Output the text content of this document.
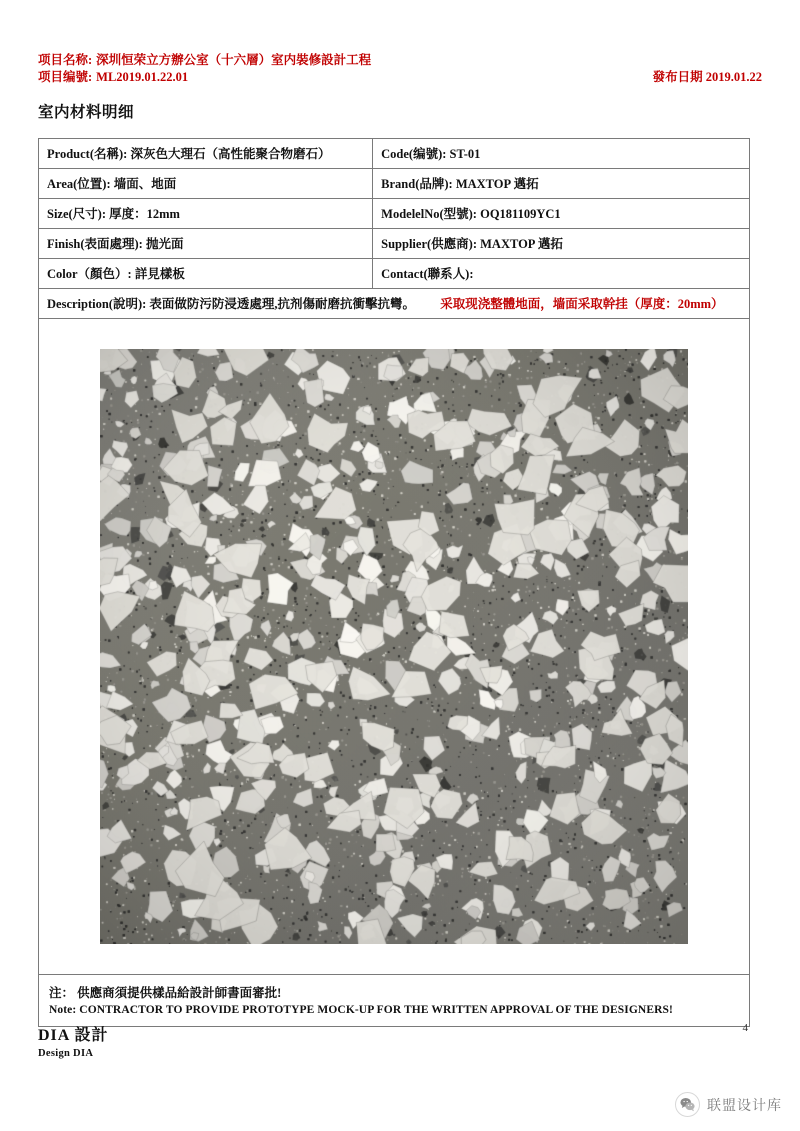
项目名称: 深圳恒荣立方辦公室（十六層）室内裝修設計工程
项目编號: ML2019.01.22.01	發布日期 2019.01.22
室内材料明细
Product(名稱): 深灰色大理石（高性能聚合物磨石）	Code(编號): ST-01
Area(位置): 墙面、地面	Brand(品牌): MAXTOP 邁拓
Size(尺寸): 厚度：12mm	ModelelNo(型號): OQ181109YC1
Finish(表面處理): 抛光面	Supplier(供應商): MAXTOP 邁拓
Color（顏色）: 詳見樣板	Contact(聯系人):
Description(說明): 表面做防污防浸透處理,抗剂傷耐磨抗衝擊抗彎。 采取现浇整體地面，墙面采取幹挂（厚度：20mm）	

注： 供應商須提供樣品給設計師書面審批!
Note: CONTRACTOR TO PROVIDE PROTOTYPE MOCK-UP FOR THE WRITTEN APPROVAL OF THE DESIGNERS!	
DIA 設計
Design DIA
4
联盟设计库
